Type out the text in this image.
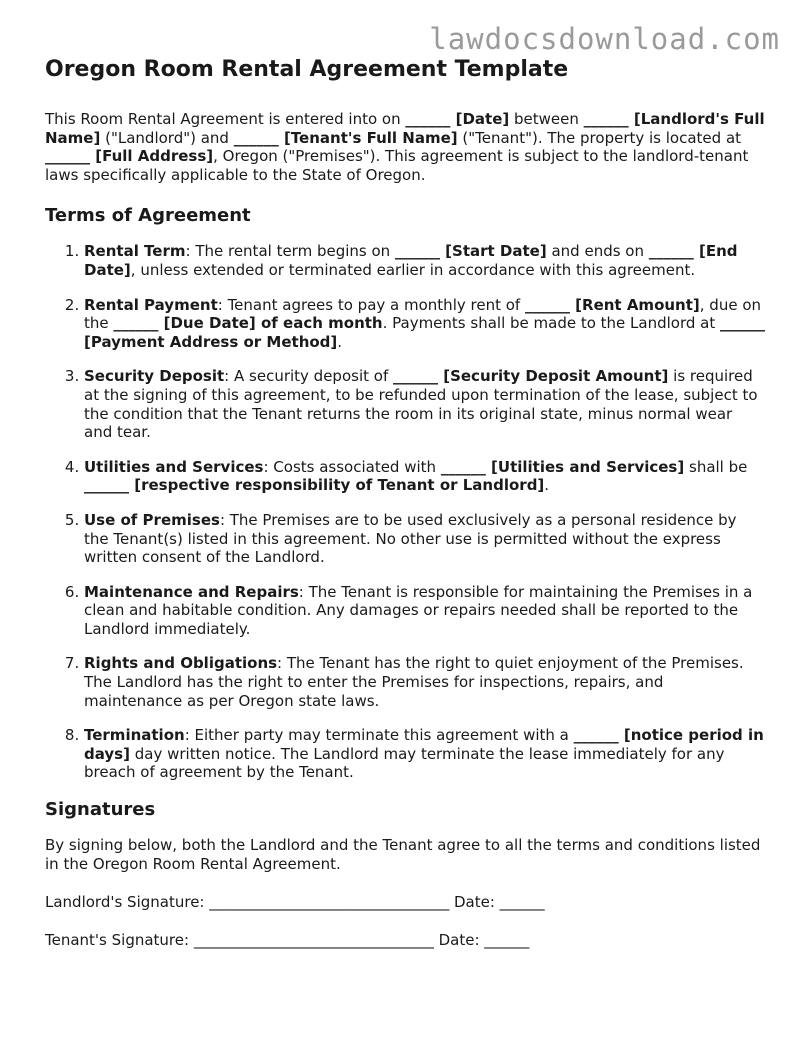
lawdocsdownload.com
Oregon Room Rental Agreement Template

This Room Rental Agreement is entered into on ______ [Date] between ______ [Landlord's Full Name] ("Landlord") and ______ [Tenant's Full Name] ("Tenant"). The property is located at ______ [Full Address], Oregon ("Premises"). This agreement is subject to the landlord-tenant laws specifically applicable to the State of Oregon.

Terms of Agreement
1. Rental Term: The rental term begins on ______ [Start Date] and ends on ______ [End Date], unless extended or terminated earlier in accordance with this agreement.
2. Rental Payment: Tenant agrees to pay a monthly rent of ______ [Rent Amount], due on the ______ [Due Date] of each month. Payments shall be made to the Landlord at ______ [Payment Address or Method].
3. Security Deposit: A security deposit of ______ [Security Deposit Amount] is required at the signing of this agreement, to be refunded upon termination of the lease, subject to the condition that the Tenant returns the room in its original state, minus normal wear and tear.
4. Utilities and Services: Costs associated with ______ [Utilities and Services] shall be ______ [respective responsibility of Tenant or Landlord].
5. Use of Premises: The Premises are to be used exclusively as a personal residence by the Tenant(s) listed in this agreement. No other use is permitted without the express written consent of the Landlord.
6. Maintenance and Repairs: The Tenant is responsible for maintaining the Premises in a clean and habitable condition. Any damages or repairs needed shall be reported to the Landlord immediately.
7. Rights and Obligations: The Tenant has the right to quiet enjoyment of the Premises. The Landlord has the right to enter the Premises for inspections, repairs, and maintenance as per Oregon state laws.
8. Termination: Either party may terminate this agreement with a ______ [notice period in days] day written notice. The Landlord may terminate the lease immediately for any breach of agreement by the Tenant.
Signatures

By signing below, both the Landlord and the Tenant agree to all the terms and conditions listed in the Oregon Room Rental Agreement.

Landlord's Signature: ________________________________ Date: ______

Tenant's Signature: ________________________________ Date: ______
